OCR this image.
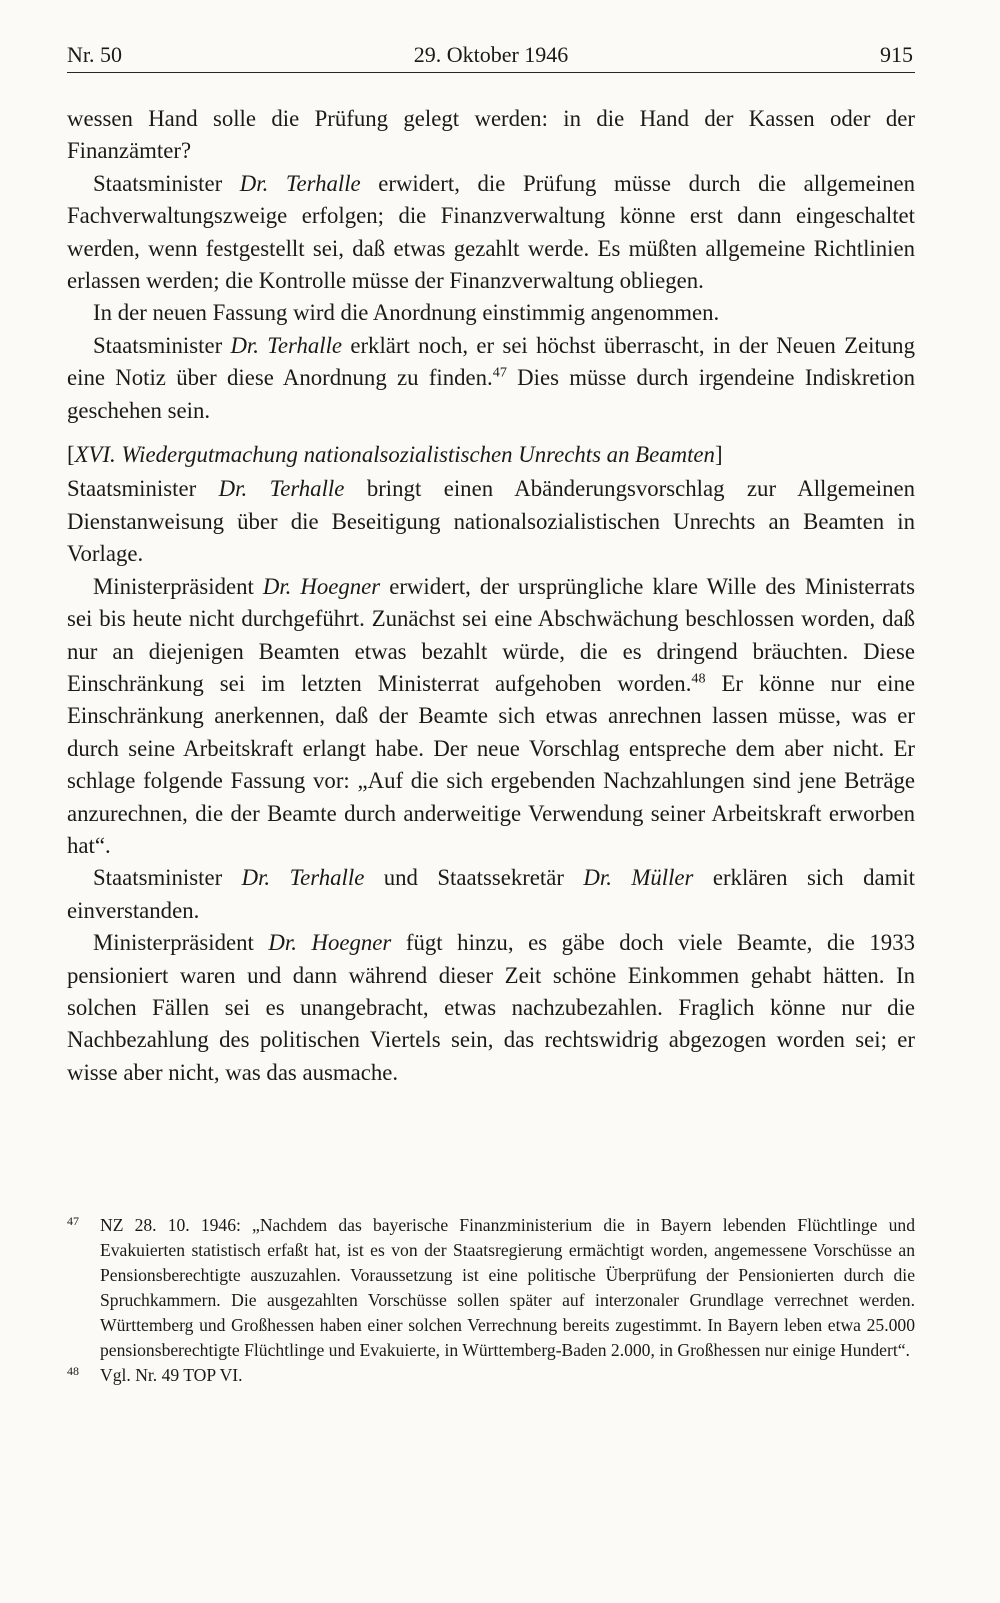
Nr. 50	29. Oktober 1946	915

wessen Hand solle die Prüfung gelegt werden: in die Hand der Kassen oder der Finanzämter?

Staatsminister Dr. Terhalle erwidert, die Prüfung müsse durch die allgemeinen Fachverwaltungszweige erfolgen; die Finanzverwaltung könne erst dann eingeschaltet werden, wenn festgestellt sei, daß etwas gezahlt werde. Es müßten allgemeine Richtlinien erlassen werden; die Kontrolle müsse der Finanzverwaltung obliegen.

In der neuen Fassung wird die Anordnung einstimmig angenommen.

Staatsminister Dr. Terhalle erklärt noch, er sei höchst überrascht, in der Neuen Zeitung eine Notiz über diese Anordnung zu finden.$^{47}$ Dies müsse durch irgendeine Indiskretion geschehen sein.

[XVI. Wiedergutmachung nationalsozialistischen Unrechts an Beamten]

Staatsminister Dr. Terhalle bringt einen Abänderungsvorschlag zur Allgemeinen Dienstanweisung über die Beseitigung nationalsozialistischen Unrechts an Beamten in Vorlage.

Ministerpräsident Dr. Hoegner erwidert, der ursprüngliche klare Wille des Ministerrats sei bis heute nicht durchgeführt. Zunächst sei eine Abschwächung beschlossen worden, daß nur an diejenigen Beamten etwas bezahlt würde, die es dringend bräuchten. Diese Einschränkung sei im letzten Ministerrat aufgehoben worden.$^{48}$ Er könne nur eine Einschränkung anerkennen, daß der Beamte sich etwas anrechnen lassen müsse, was er durch seine Arbeitskraft erlangt habe. Der neue Vorschlag entspreche dem aber nicht. Er schlage folgende Fassung vor: „Auf die sich ergebenden Nachzahlungen sind jene Beträge anzurechnen, die der Beamte durch anderweitige Verwendung seiner Arbeitskraft erworben hat“.

Staatsminister Dr. Terhalle und Staatssekretär Dr. Müller erklären sich damit einverstanden.

Ministerpräsident Dr. Hoegner fügt hinzu, es gäbe doch viele Beamte, die 1933 pensioniert waren und dann während dieser Zeit schöne Einkommen gehabt hätten. In solchen Fällen sei es unangebracht, etwas nachzubezahlen. Fraglich könne nur die Nachbezahlung des politischen Viertels sein, das rechtswidrig abgezogen worden sei; er wisse aber nicht, was das ausmache.

47 NZ 28. 10. 1946: „Nachdem das bayerische Finanzministerium die in Bayern lebenden Flüchtlinge und Evakuierten statistisch erfaßt hat, ist es von der Staatsregierung ermächtigt worden, angemessene Vorschüsse an Pensionsberechtigte auszuzahlen. Voraussetzung ist eine politische Überprüfung der Pensionierten durch die Spruchkammern. Die ausgezahlten Vorschüsse sollen später auf interzonaler Grundlage verrechnet werden. Württemberg und Großhessen haben einer solchen Verrechnung bereits zugestimmt. In Bayern leben etwa 25.000 pensionsberechtigte Flüchtlinge und Evakuierte, in Württemberg-Baden 2.000, in Großhessen nur einige Hundert“.

48 Vgl. Nr. 49 TOP VI.
